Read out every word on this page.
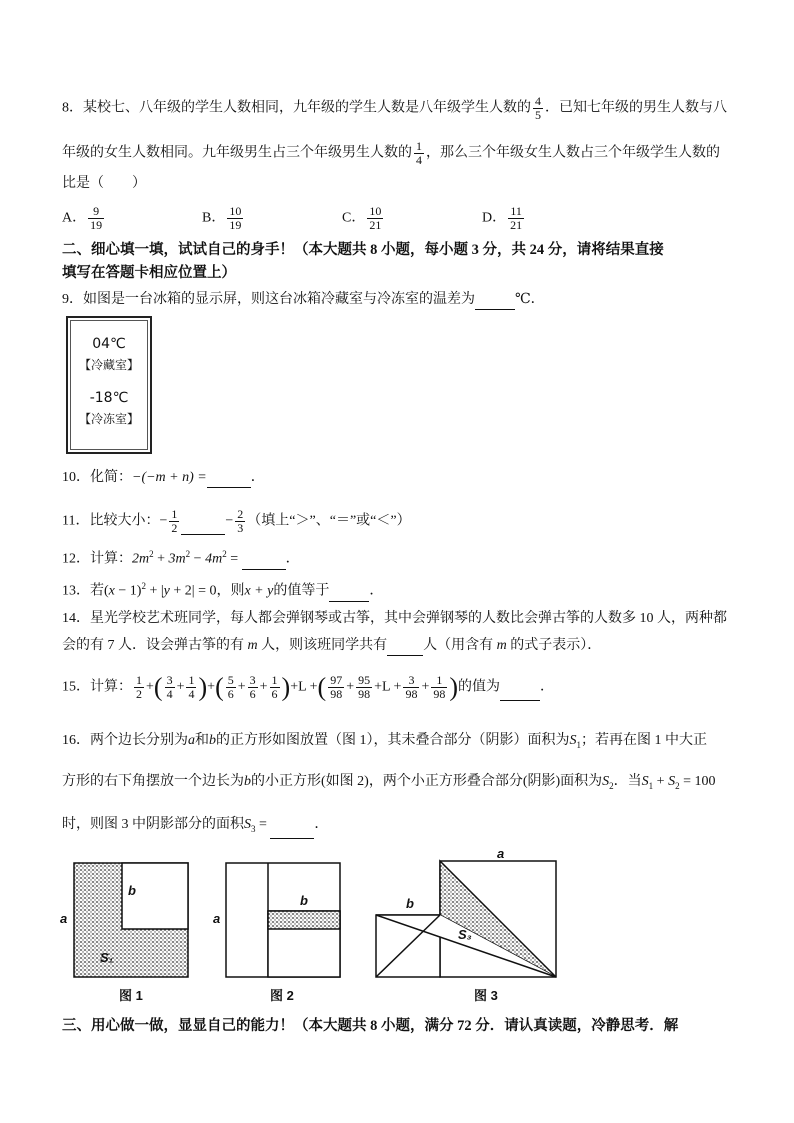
8．某校七、八年级的学生人数相同，九年级的学生人数是八年级学生人数的 $\frac{4}{5}$ ．已知七年级的男生人数与八
年级的女生人数相同。九年级男生占三个年级男生人数的 $\frac{1}{4}$ ，那么三个年级女生人数占三个年级学生人数的
比是（　　）
A． $\frac{9}{19}$	B． $\frac{10}{19}$	C． $\frac{10}{21}$	D． $\frac{11}{21}$
二、细心填一填，试试自己的身手！（本大题共 8 小题，每小题 3 分，共 24 分，请将结果直接
填写在答题卡相应位置上）
9．如图是一台冰箱的显示屏，则这台冰箱冷藏室与冷冻室的温差为	℃．
04℃
【冷藏室】
-18℃
【冷冻室】
10．化简：−(−m + n) =	．
11．比较大小：− $\frac{1}{2}$	− $\frac{2}{3}$ （填上“＞”、“＝”或“＜”）
12．计算：$2m^2 + 3m^2 - 4m^2$ =	．
13．若$(x - 1)^2 + |y + 2| = 0$，则x + y的值等于	．
14．星光学校艺术班同学，每人都会弹钢琴或古筝，其中会弹钢琴的人数比会弹古筝的人数多 10 人，两种都
会的有 7 人．设会弹古筝的有 m 人，则该班同学共有	人（用含有 m 的式子表示）．
15．计算： $\frac{1}{2}$ +( $\frac{3}{4} + \frac{1}{4}$ )+( $\frac{5}{6} + \frac{3}{6} + \frac{1}{6} )+L$ +( $\frac{97}{98} + \frac{95}{98} +L + \frac{3}{98} + \frac{1}{98}$ )的值为	．
16．两个边长分别为a和b的正方形如图放置（图 1），其未叠合部分（阴影）面积为$S_1$；若再在图 1 中大正
方形的右下角摆放一个边长为b的小正方形(如图 2)，两个小正方形叠合部分(阴影)面积为$S_2$．当$S_1 + S_2 = 100$
时，则图 3 中阴影部分的面积$S_3$ =	．
a
b
S₁
a
b
a
b
S₃
图 1	图 2	图 3
三、用心做一做，显显自己的能力！（本大题共 8 小题，满分 72 分．请认真读题，冷静思考．解
